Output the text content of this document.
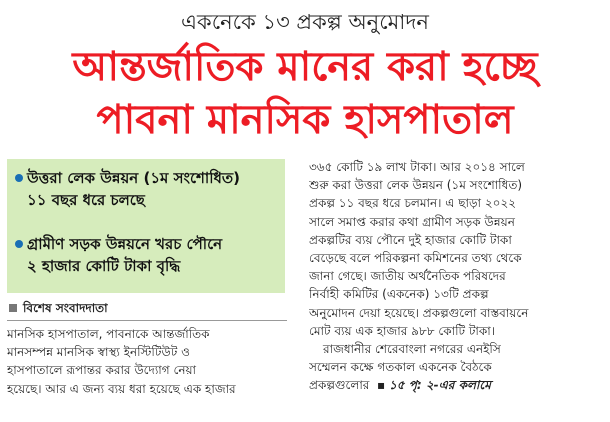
একনেকে ১৩ প্রকল্প অনুমোদন
আন্তর্জাতিক মানের করা হচ্ছে
পাবনা মানসিক হাসপাতাল
উত্তরা লেক উন্নয়ন (১ম সংশোধিত)
১১ বছর ধরে চলছে
গ্রামীণ সড়ক উন্নয়নে খরচ পৌনে
২ হাজার কোটি টাকা বৃদ্ধি
বিশেষ সংবাদদাতা
মানসিক হাসপাতাল, পাবনাকে আন্তর্জাতিক
মানসম্পন্ন মানসিক স্বাস্থ্য ইনস্টিটিউট ও
হাসপাতালে রূপান্তর করার উদ্যোগ নেয়া
হয়েছে। আর এ জন্য ব্যয় ধরা হয়েছে এক হাজার
৩৬৫ কোটি ১৯ লাখ টাকা। আর ২০১৪ সালে
শুরু করা উত্তরা লেক উন্নয়ন (১ম সংশোধিত)
প্রকল্প ১১ বছর ধরে চলমান। এ ছাড়া ২০২২
সালে সমাপ্ত করার কথা গ্রামীণ সড়ক উন্নয়ন
প্রকল্পটির ব্যয় পৌনে দুই হাজার কোটি টাকা
বেড়েছে বলে পরিকল্পনা কমিশনের তথ্য থেকে
জানা গেছে। জাতীয় অর্থনৈতিক পরিষদের
নির্বাহী কমিটির (একনেক) ১৩টি প্রকল্প
অনুমোদন দেয়া হয়েছে। প্রকল্পগুলো বাস্তবায়নে
মোট ব্যয় এক হাজার ৯৮৮ কোটি টাকা।
রাজধানীর শেরেবাংলা নগরের এনইসি
সম্মেলন কক্ষে গতকাল একনেক বৈঠকে
প্রকল্পগুলোর  ▪ ১৫ পৃ: ২-এর কলামে
